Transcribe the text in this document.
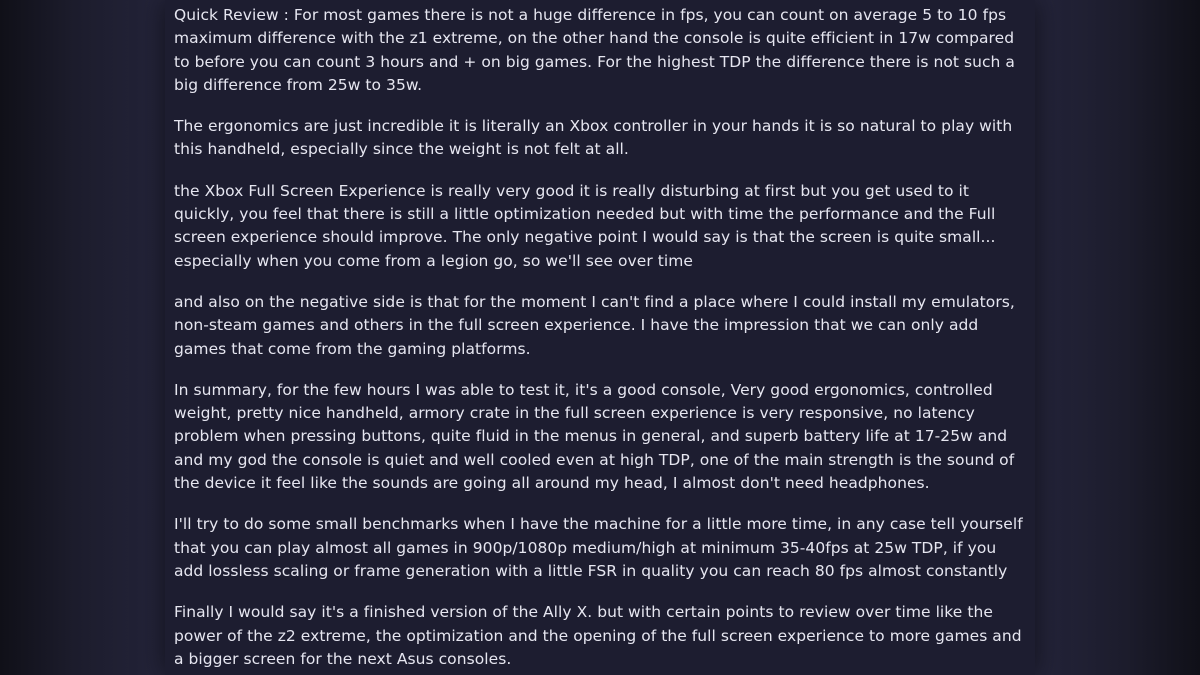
Quick Review : For most games there is not a huge difference in fps, you can count on average 5 to 10 fps maximum difference with the z1 extreme, on the other hand the console is quite efficient in 17w compared to before you can count 3 hours and + on big games. For the highest TDP the difference there is not such a big difference from 25w to 35w.

The ergonomics are just incredible it is literally an Xbox controller in your hands it is so natural to play with this handheld, especially since the weight is not felt at all.

the Xbox Full Screen Experience is really very good it is really disturbing at first but you get used to it quickly, you feel that there is still a little optimization needed but with time the performance and the Full screen experience should improve. The only negative point I would say is that the screen is quite small... especially when you come from a legion go, so we'll see over time

and also on the negative side is that for the moment I can't find a place where I could install my emulators, non-steam games and others in the full screen experience. I have the impression that we can only add games that come from the gaming platforms.

In summary, for the few hours I was able to test it, it's a good console, Very good ergonomics, controlled weight, pretty nice handheld, armory crate in the full screen experience is very responsive, no latency problem when pressing buttons, quite fluid in the menus in general, and superb battery life at 17-25w and and my god the console is quiet and well cooled even at high TDP, one of the main strength is the sound of the device it feel like the sounds are going all around my head, I almost don't need headphones.

I'll try to do some small benchmarks when I have the machine for a little more time, in any case tell yourself that you can play almost all games in 900p/1080p medium/high at minimum 35-40fps at 25w TDP, if you add lossless scaling or frame generation with a little FSR in quality you can reach 80 fps almost constantly

Finally I would say it's a finished version of the Ally X. but with certain points to review over time like the power of the z2 extreme, the optimization and the opening of the full screen experience to more games and a bigger screen for the next Asus consoles.
